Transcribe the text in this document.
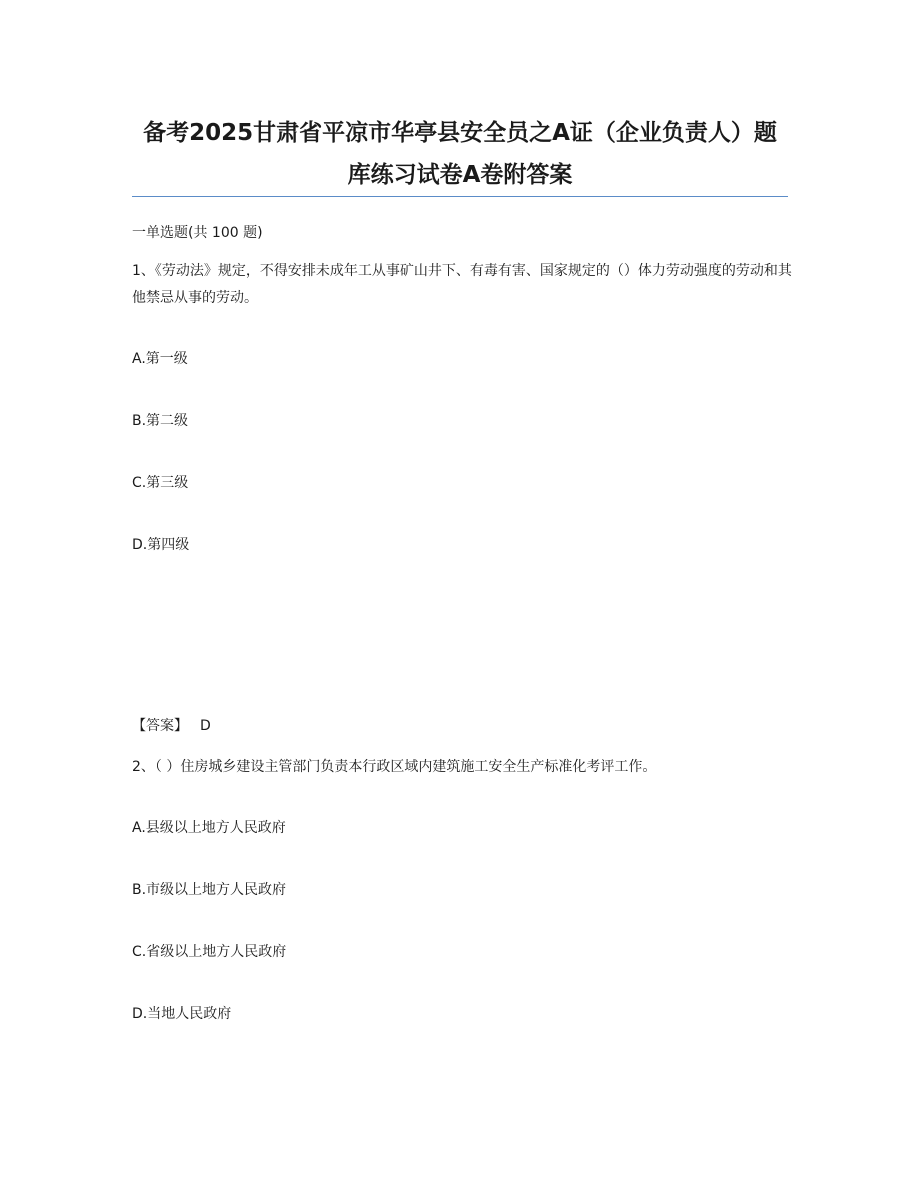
备考2025甘肃省平凉市华亭县安全员之A证（企业负责人）题库练习试卷A卷附答案
一单选题(共 100 题)
1、《劳动法》规定，不得安排未成年工从事矿山井下、有毒有害、国家规定的（）体力劳动强度的劳动和其他禁忌从事的劳动。
A.第一级
B.第二级
C.第三级
D.第四级
【答案】 D
2、（ ）住房城乡建设主管部门负责本行政区域内建筑施工安全生产标准化考评工作。
A.县级以上地方人民政府
B.市级以上地方人民政府
C.省级以上地方人民政府
D.当地人民政府
